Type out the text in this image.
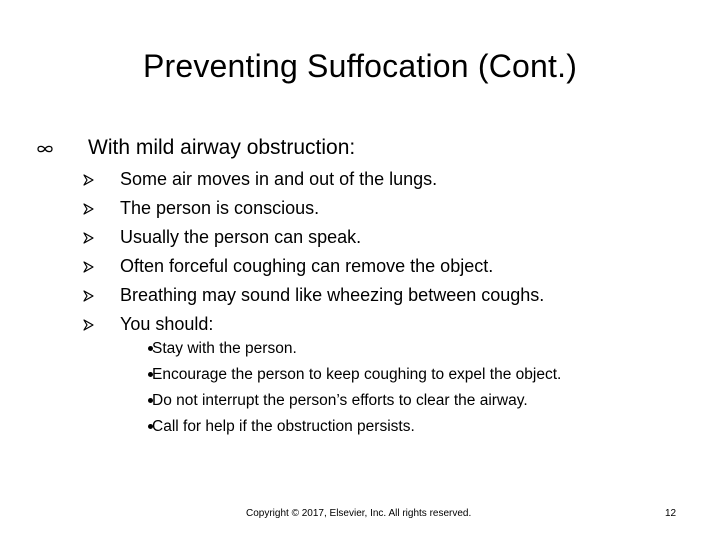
Preventing Suffocation (Cont.)
With mild airway obstruction:
Some air moves in and out of the lungs.
The person is conscious.
Usually the person can speak.
Often forceful coughing can remove the object.
Breathing may sound like wheezing between coughs.
You should:
Stay with the person.
Encourage the person to keep coughing to expel the object.
Do not interrupt the person’s efforts to clear the airway.
Call for help if the obstruction persists.
Copyright © 2017, Elsevier, Inc. All rights reserved.	12
